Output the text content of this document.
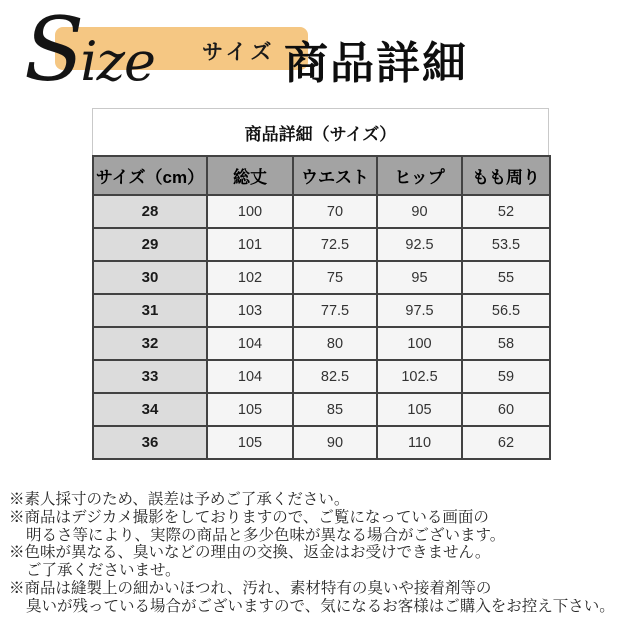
Size サイズ 商品詳細
商品詳細（サイズ）
サイズ（cm）	総丈	ウエスト	ヒップ	もも周り
28	100	70	90	52
29	101	72.5	92.5	53.5
30	102	75	95	55
31	103	77.5	97.5	56.5
32	104	80	100	58
33	104	82.5	102.5	59
34	105	85	105	60
36	105	90	110	62
※素人採寸のため、誤差は予めご了承ください。
※商品はデジカメ撮影をしておりますので、ご覧になっている画面の
明るさ等により、実際の商品と多少色味が異なる場合がございます。
※色味が異なる、臭いなどの理由の交換、返金はお受けできません。
ご了承くださいませ。
※商品は縫製上の細かいほつれ、汚れ、素材特有の臭いや接着剤等の
臭いが残っている場合がございますので、気になるお客様はご購入をお控え下さい。
